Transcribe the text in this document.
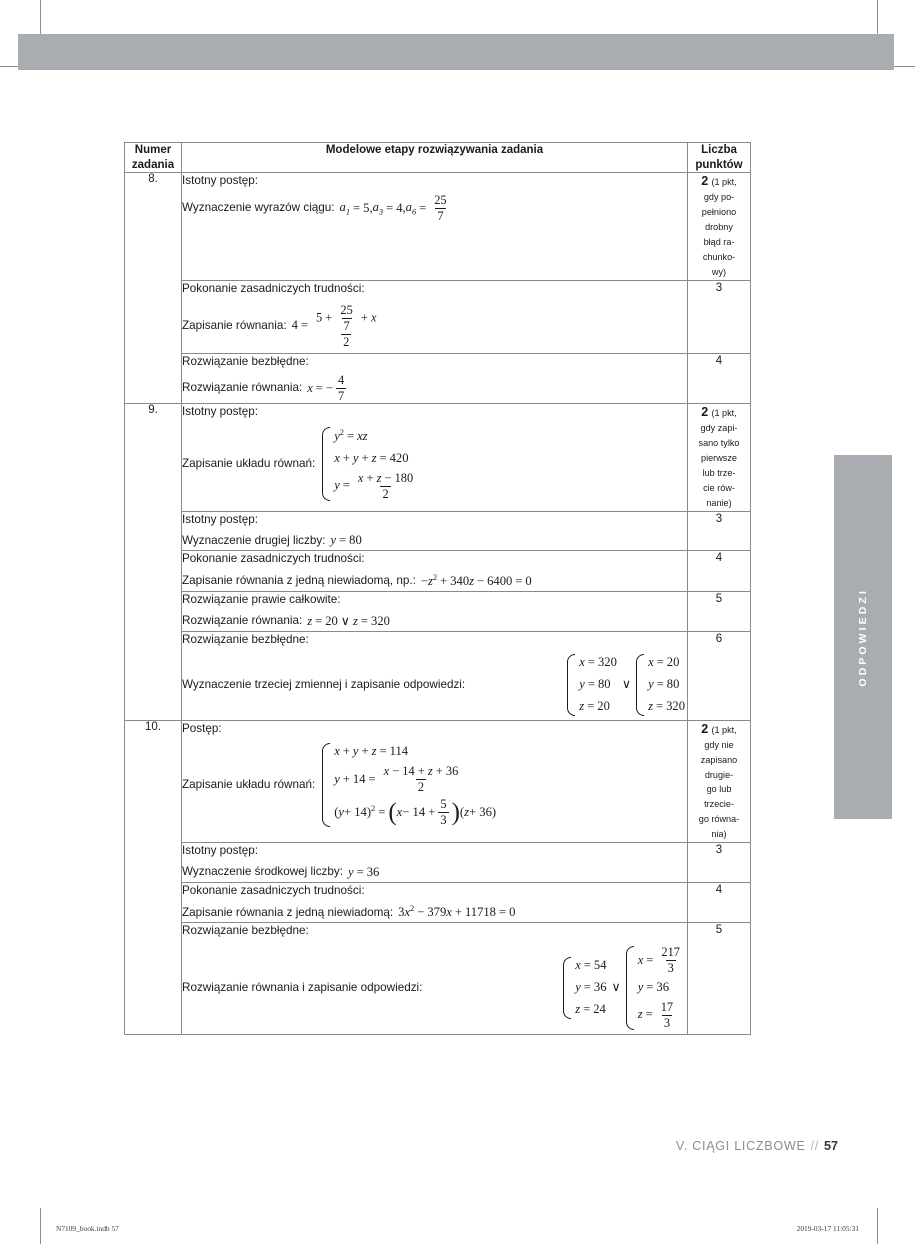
ODPOWIEDZI
Numer
zadania	Modelowe etapy rozwiązywania zadania	Liczba
punktów
8.	Istotny postęp:
Wyznaczenie wyrazów ciągu: $a_1 = 5$, $a_3 = 4$, $a_6 = \frac{25}{7}$
	2 (1 pkt,
gdy po-
pełniono
drobny
błąd ra-
chunko-
wy)

Pokonanie zasadniczych trudności:
Zapisanie równania: 4 =
$5 + \frac{25}{7} + x$
2
	3

Rozwiązanie bezbłędne:
Rozwiązanie równania: x = − $\frac{4}{7}$
	4
9.	Istotny postęp:
Zapisanie układu równań:
$y^2$ = xz
x + y + z = 420
$y = \frac{x + z - 180}{2}$
	2 (1 pkt,
gdy zapi-
sano tylko
pierwsze
lub trze-
cie rów-
nanie)

	Istotny postęp:
Wyznaczenie drugiej liczby: y = 80	3

Pokonanie zasadniczych trudności:
Zapisanie równania z jedną niewiadomą, np.: − $z^2 + 340$ z − 6400 = 0
	4

Rozwiązanie prawie całkowite:
Rozwiązanie równania: z = 20 ∨ z = 320
	5

Rozwiązanie bezbłędne:
Wyznaczenie trzeciej zmiennej i zapisanie odpowiedzi:
x = 320
y = 80
z = 20
∨
x = 20
y = 80
z = 320
	6
10.	Postęp:
Zapisanie układu równań:
x + y + z = 114
$y + 14 = \frac{x - 14 + z + 36}{2}$
( y + 14)$^2$ = ( $x - 14 + \frac{5}{3}$ ) ( z + 36)
	2 (1 pkt,
gdy nie
zapisano
drugie-
go lub
trzecie-
go równa-
nia)

	Istotny postęp:
Wyznaczenie środkowej liczby: y = 36	3

Pokonanie zasadniczych trudności:
Zapisanie równania z jedną niewiadomą: 3 $x^2 - 379$ x + 11718 = 0
	4

Rozwiązanie bezbłędne:
Rozwiązanie równania i zapisanie odpowiedzi:
x = 54
y = 36
z = 24
∨
$x = \frac{217}{3}$
y = 36
$z = \frac{17}{3}$
	5
V. CIĄGI LICZBOWE // 57
N7109_book.indb 57	2019-03-17 11:05:31
